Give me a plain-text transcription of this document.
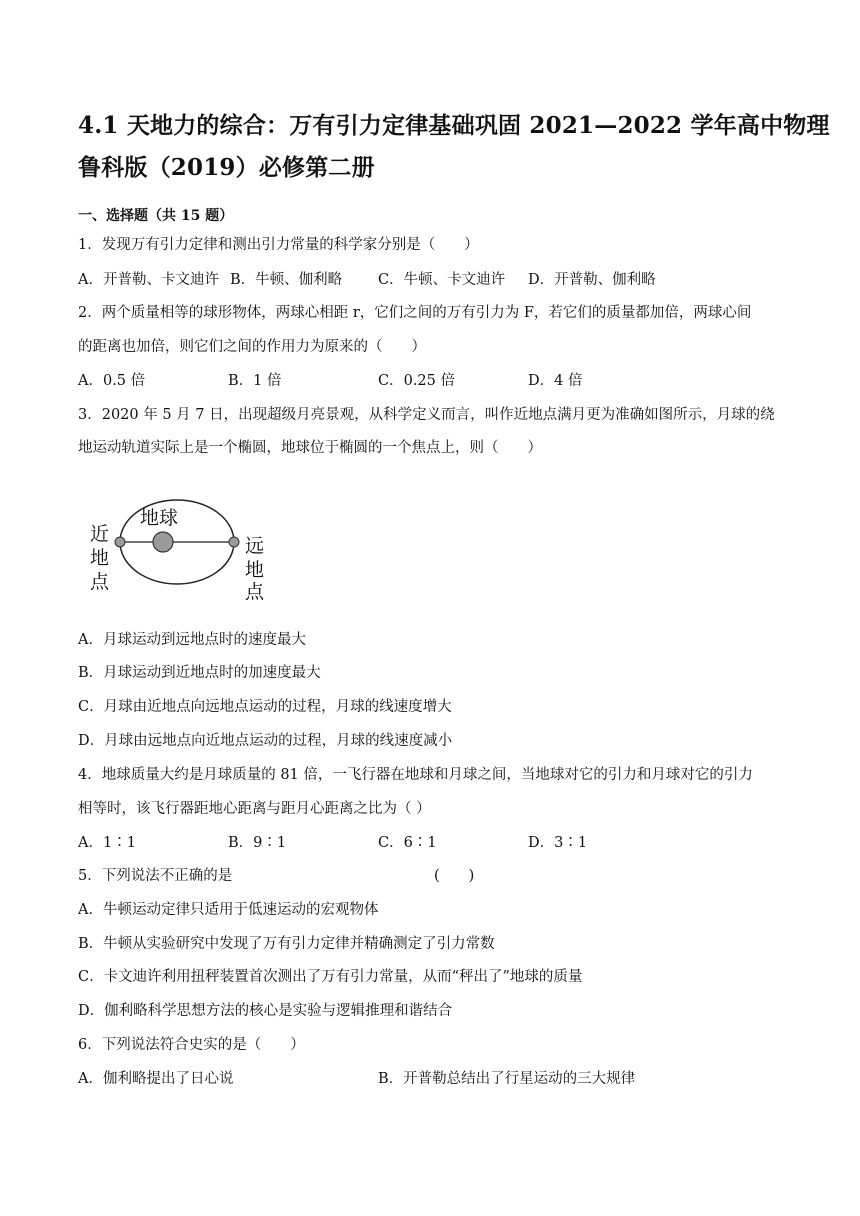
4.1 天地力的综合：万有引力定律基础巩固 2021—2022 学年高中物理
鲁科版（2019）必修第二册
一、选择题（共 15 题）
1．发现万有引力定律和测出引力常量的科学家分别是（　　）
A．开普勒、卡文迪许 B．牛顿、伽利略 C．牛顿、卡文迪许 D．开普勒、伽利略
2．两个质量相等的球形物体，两球心相距 r，它们之间的万有引力为 F，若它们的质量都加倍，两球心间
的距离也加倍，则它们之间的作用力为原来的（　　）
A．0.5 倍	B．1 倍	C．0.25 倍	D．4 倍
3．2020 年 5 月 7 日，出现超级月亮景观，从科学定义而言，叫作近地点满月更为准确如图所示，月球的绕
地运动轨道实际上是一个椭圆，地球位于椭圆的一个焦点上，则（　　）
地球
近
地
点
远
地
点
A．月球运动到远地点时的速度最大
B．月球运动到近地点时的加速度最大
C．月球由近地点向远地点运动的过程，月球的线速度增大
D．月球由远地点向近地点运动的过程，月球的线速度减小
4．地球质量大约是月球质量的 81 倍，一飞行器在地球和月球之间，当地球对它的引力和月球对它的引力
相等时，该飞行器距地心距离与距月心距离之比为（ ）
A．1∶1	B．9∶1	C．6∶1	D．3∶1
5．下列说法不正确的是	(　　)
A．牛顿运动定律只适用于低速运动的宏观物体
B．牛顿从实验研究中发现了万有引力定律并精确测定了引力常数
C．卡文迪许利用扭秤装置首次测出了万有引力常量，从而“秤出了”地球的质量
D．伽利略科学思想方法的核心是实验与逻辑推理和谐结合
6．下列说法符合史实的是（　　）
A．伽利略提出了日心说	B．开普勒总结出了行星运动的三大规律
